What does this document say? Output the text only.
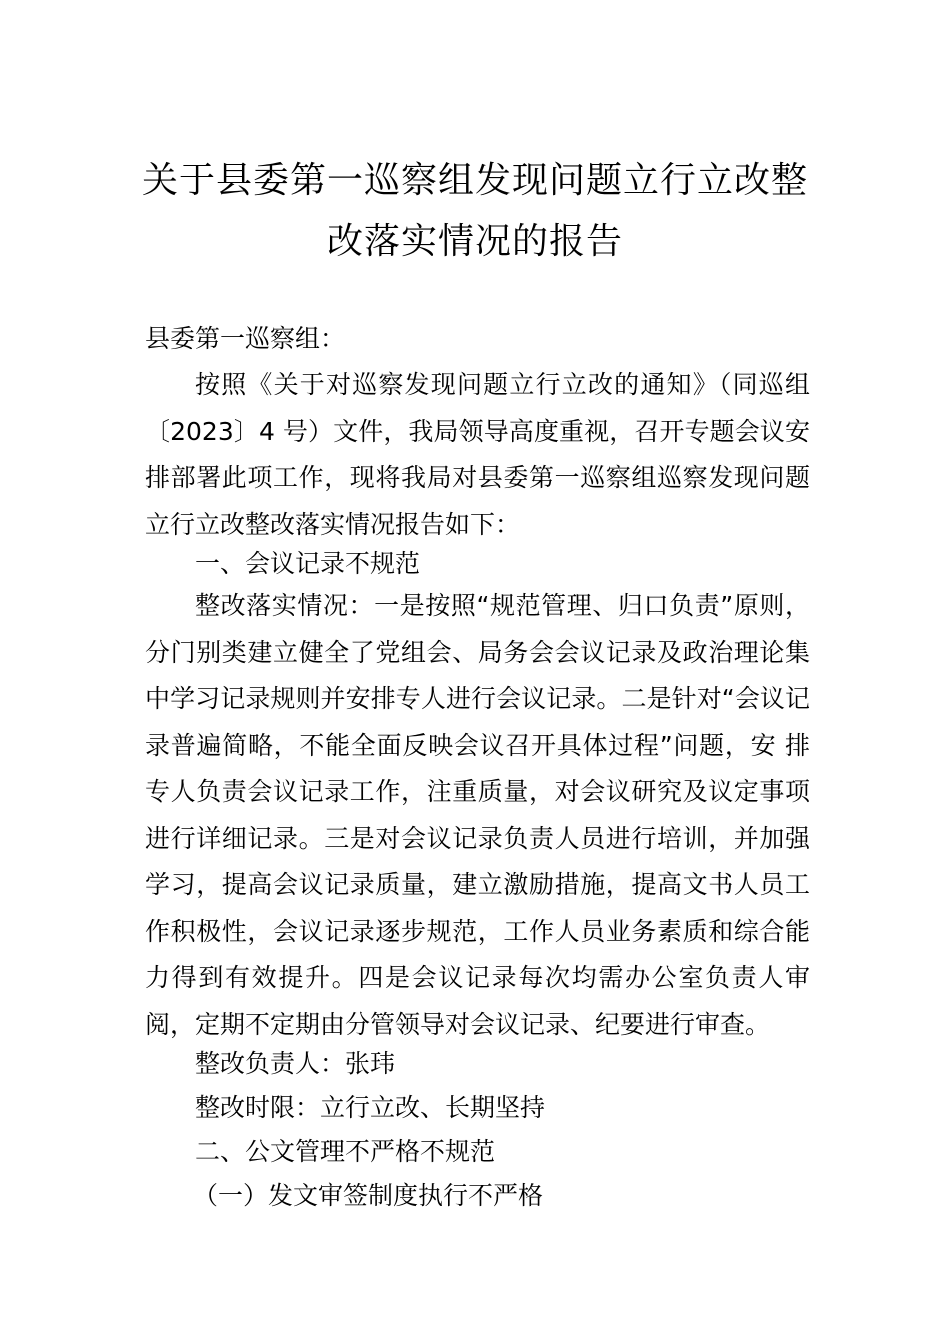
关于县委第一巡察组发现问题立行立改整
改落实情况的报告
县委第一巡察组：
按照《关于对巡察发现问题立行立改的通知》（同巡组〔2023〕4 号）文件，我局领导高度重视，召开专题会议安排部署此项工作，现将我局对县委第一巡察组巡察发现问题立行立改整改落实情况报告如下：
一、会议记录不规范
整改落实情况：一是按照“规范管理、归口负责”原则， 分门别类建立健全了党组会、局务会会议记录及政治理论集中学习记录规则并安排专人进行会议记录。二是针对“会议记录普遍简略，不能全面反映会议召开具体过程”问题，安 排专人负责会议记录工作，注重质量，对会议研究及议定事项进行详细记录。三是对会议记录负责人员进行培训，并加强学习，提高会议记录质量，建立激励措施，提高文书人员工作积极性，会议记录逐步规范，工作人员业务素质和综合能力得到有效提升。四是会议记录每次均需办公室负责人审阅，定期不定期由分管领导对会议记录、纪要进行审查。
整改负责人：张玮
整改时限：立行立改、长期坚持
二、公文管理不严格不规范
（一）发文审签制度执行不严格
